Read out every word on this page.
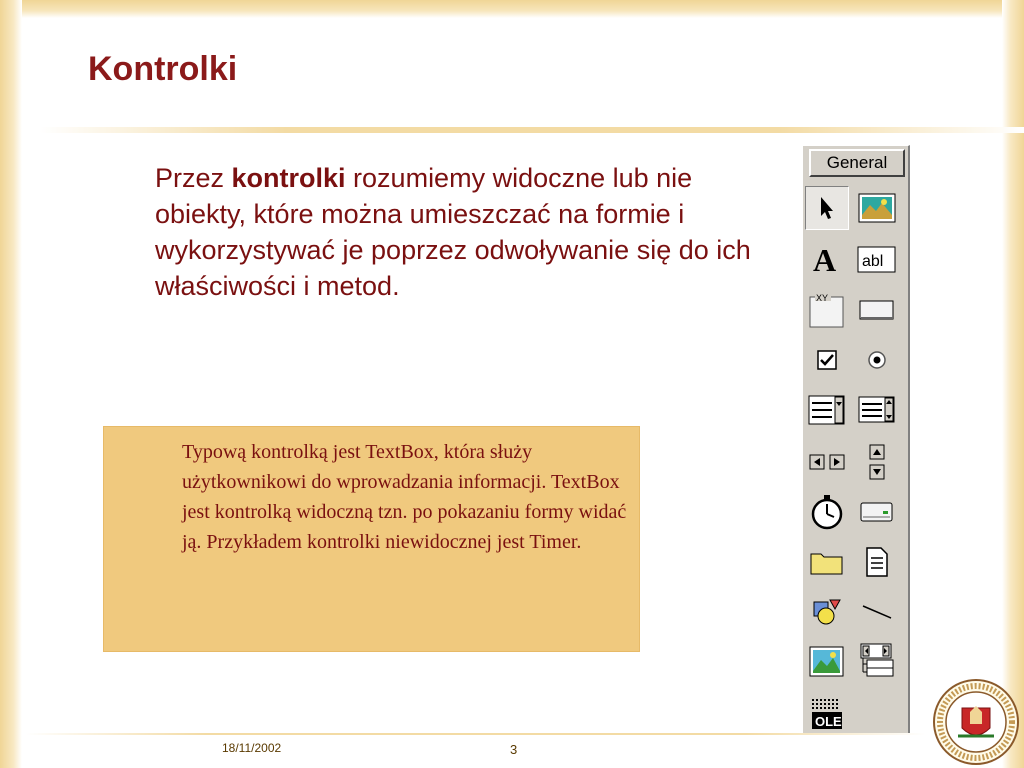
Kontrolki

Przez kontrolki rozumiemy widoczne lub nie obiekty, które można umieszczać na formie i wykorzystywać je poprzez odwoływanie się do ich właściwości i metod.

Typową kontrolką jest TextBox, która służy użytkownikowi do wprowadzania informacji. TextBox jest kontrolką widoczną tzn. po pokazaniu formy widać ją. Przykładem kontrolki niewidocznej jest Timer.

General
A abl
XY
OLE
18/11/2002	3
